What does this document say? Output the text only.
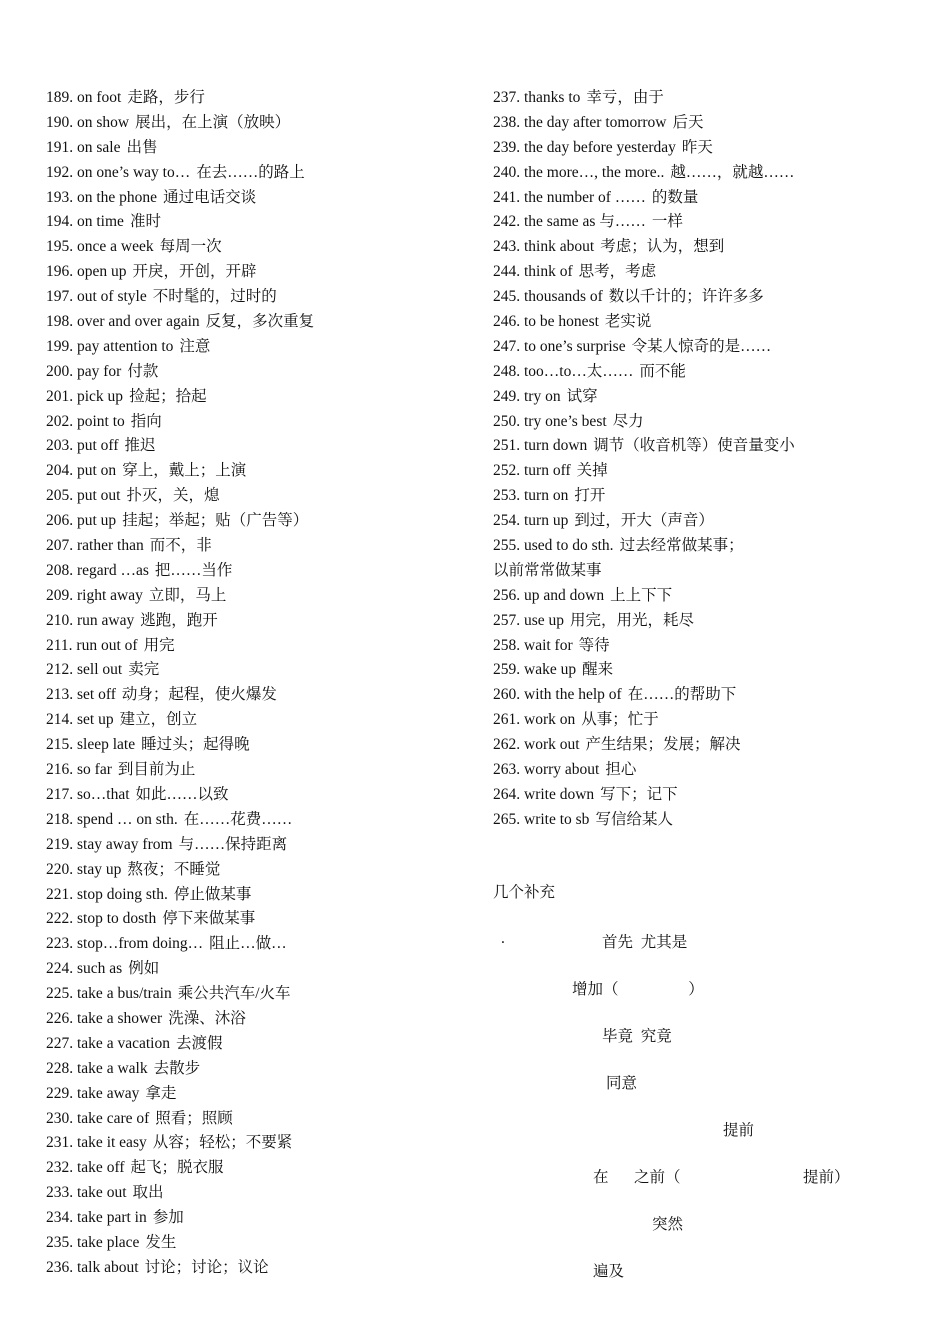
189. on foot 走路，步行
190. on show 展出，在上演（放映）
191. on sale 出售
192. on one’s way to… 在去……的路上
193. on the phone 通过电话交谈
194. on time 准时
195. once a week 每周一次
196. open up 开戾，开创，开辟
197. out of style 不时髦的，过时的
198. over and over again 反复，多次重复
199. pay attention to 注意
200. pay for 付款
201. pick up 捡起；拾起
202. point to 指向
203. put off 推迟
204. put on 穿上，戴上；上演
205. put out 扑灭，关，熄
206. put up 挂起；举起；贴（广告等）
207. rather than 而不，非
208. regard …as 把……当作
209. right away 立即，马上
210. run away 逃跑，跑开
211. run out of 用完
212. sell out 卖完
213. set off 动身；起程，使火爆发
214. set up 建立，创立
215. sleep late 睡过头；起得晚
216. so far 到目前为止
217. so…that 如此……以致
218. spend … on sth. 在……花费……
219. stay away from 与……保持距离
220. stay up 熬夜；不睡觉
221. stop doing sth. 停止做某事
222. stop to dosth 停下来做某事
223. stop…from doing… 阻止…做…
224. such as 例如
225. take a bus/train 乘公共汽车/火车
226. take a shower 洗澡、沐浴
227. take a vacation 去渡假
228. take a walk 去散步
229. take away 拿走
230. take care of 照看；照顾
231. take it easy 从容；轻松；不要紧
232. take off 起飞；脱衣服
233. take out 取出
234. take part in 参加
235. take place 发生
236. talk about 讨论；讨论；议论
237. thanks to 幸亏，由于
238. the day after tomorrow 后天
239. the day before yesterday 昨天
240. the more…, the more.. 越……，就越……
241. the number of …… 的数量
242. the same as 与…… 一样
243. think about 考虑；认为，想到
244. think of 思考，考虑
245. thousands of 数以千计的；许许多多
246. to be honest 老实说
247. to one’s surprise 令某人惊奇的是……
248. too…to…太…… 而不能
249. try on 试穿
250. try one’s best 尽力
251. turn down 调节（收音机等）使音量变小
252. turn off 关掉
253. turn on 打开
254. turn up 到过，开大（声音）
255. used to do sth. 过去经常做某事；
以前常常做某事
256. up and down 上上下下
257. use up 用完，用光，耗尽
258. wait for 等待
259. wake up 醒来
260. with the help of 在……的帮助下
261. work on 从事；忙于
262. work out 产生结果；发展；解决
263. worry about 担心
264. write down 写下；记下
265. write to sb 写信给某人
几个补充
.	首先  尤其是
增加（                  ）
毕竟  究竟
同意
提前
在 之前（	提前）
突然
遍及
